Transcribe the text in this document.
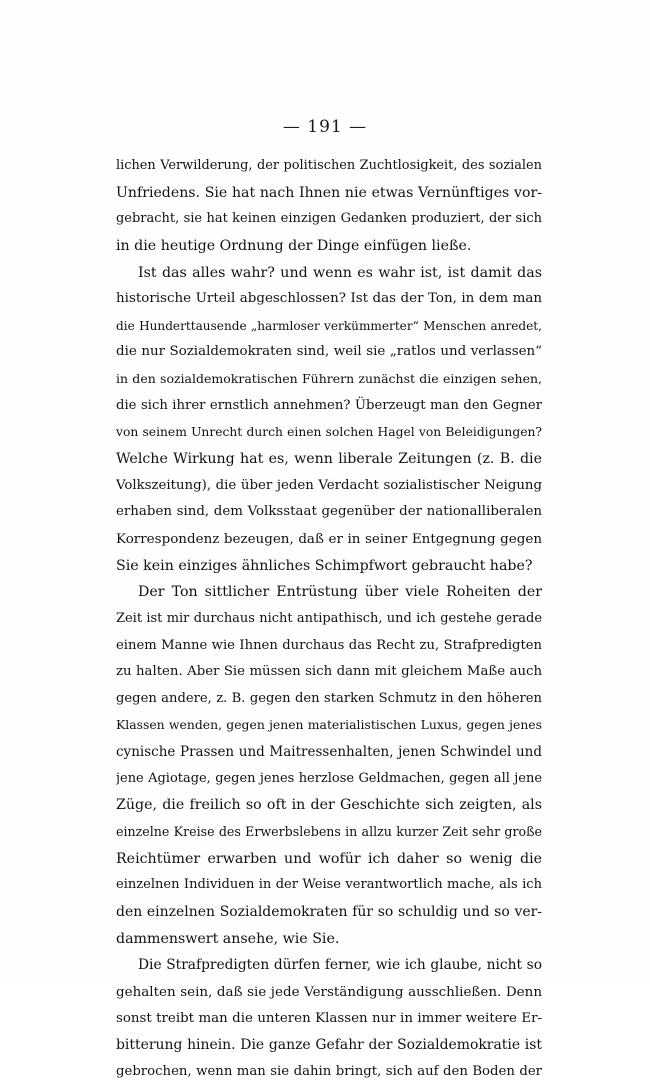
— 191 —
lichen Verwilderung, der politischen Zuchtlosigkeit, des sozialen
Unfriedens. Sie hat nach Ihnen nie etwas Vernünftiges vor-
gebracht, sie hat keinen einzigen Gedanken produziert, der sich
in die heutige Ordnung der Dinge einfügen ließe.
Ist das alles wahr? und wenn es wahr ist, ist damit das
historische Urteil abgeschlossen? Ist das der Ton, in dem man
die Hunderttausende „harmloser verkümmerter“ Menschen anredet,
die nur Sozialdemokraten sind, weil sie „ratlos und verlassen“
in den sozialdemokratischen Führern zunächst die einzigen sehen,
die sich ihrer ernstlich annehmen? Überzeugt man den Gegner
von seinem Unrecht durch einen solchen Hagel von Beleidigungen?
Welche Wirkung hat es, wenn liberale Zeitungen (z. B. die
Volkszeitung), die über jeden Verdacht sozialistischer Neigung
erhaben sind, dem Volksstaat gegenüber der nationalliberalen
Korrespondenz bezeugen, daß er in seiner Entgegnung gegen
Sie kein einziges ähnliches Schimpfwort gebraucht habe?
Der Ton sittlicher Entrüstung über viele Roheiten der
Zeit ist mir durchaus nicht antipathisch, und ich gestehe gerade
einem Manne wie Ihnen durchaus das Recht zu, Strafpredigten
zu halten. Aber Sie müssen sich dann mit gleichem Maße auch
gegen andere, z. B. gegen den starken Schmutz in den höheren
Klassen wenden, gegen jenen materialistischen Luxus, gegen jenes
cynische Prassen und Maitressenhalten, jenen Schwindel und
jene Agiotage, gegen jenes herzlose Geldmachen, gegen all jene
Züge, die freilich so oft in der Geschichte sich zeigten, als
einzelne Kreise des Erwerbslebens in allzu kurzer Zeit sehr große
Reichtümer erwarben und wofür ich daher so wenig die
einzelnen Individuen in der Weise verantwortlich mache, als ich
den einzelnen Sozialdemokraten für so schuldig und so ver-
dammenswert ansehe, wie Sie.
Die Strafpredigten dürfen ferner, wie ich glaube, nicht so
gehalten sein, daß sie jede Verständigung ausschließen. Denn
sonst treibt man die unteren Klassen nur in immer weitere Er-
bitterung hinein. Die ganze Gefahr der Sozialdemokratie ist
gebrochen, wenn man sie dahin bringt, sich auf den Boden der
